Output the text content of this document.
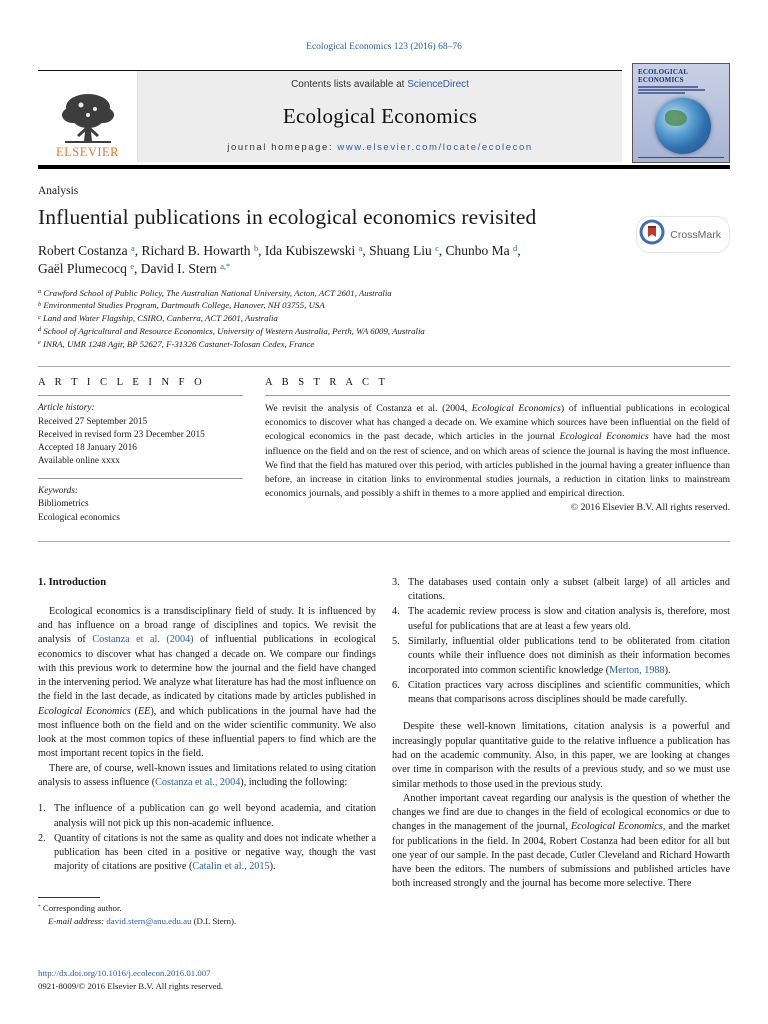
Ecological Economics 123 (2016) 68–76
ELSEVIER
Contents lists available at ScienceDirect
Ecological Economics
journal homepage: www.elsevier.com/locate/ecolecon
ECOLOGICAL ECONOMICS
Analysis
Influential publications in ecological economics revisited
Robert Costanza $^a$, Richard B. Howarth $^b$, Ida Kubiszewski $^a$, Shuang Liu $^c$, Chunbo Ma $^d$,
Gaël Plumecocq $^e$, David I. Stern $^{a,*}$
CrossMark
$^a$ Crawford School of Public Policy, The Australian National University, Acton, ACT 2601, Australia
$^b$ Environmental Studies Program, Dartmouth College, Hanover, NH 03755, USA
$^c$ Land and Water Flagship, CSIRO, Canberra, ACT 2601, Australia
$^d$ School of Agricultural and Resource Economics, University of Western Australia, Perth, WA 6009, Australia
$^e$ INRA, UMR 1248 Agir, BP 52627, F-31326 Castanet-Tolosan Cedex, France
A R T I C L E I N F O
Article history:
Received 27 September 2015
Received in revised form 23 December 2015
Accepted 18 January 2016
Available online xxxx
Keywords:
Bibliometrics
Ecological economics
A B S T R A C T
We revisit the analysis of Costanza et al. (2004, Ecological Economics) of influential publications in ecological economics to discover what has changed a decade on. We examine which sources have been influential on the field of ecological economics in the past decade, which articles in the journal Ecological Economics have had the most influence on the field and on the rest of science, and on which areas of science the journal is having the most influence. We find that the field has matured over this period, with articles published in the journal having a greater influence than before, an increase in citation links to environmental studies journals, a reduction in citation links to mainstream economics journals, and possibly a shift in themes to a more applied and empirical direction.
© 2016 Elsevier B.V. All rights reserved.
1. Introduction
Ecological economics is a transdisciplinary field of study. It is influenced by and has influence on a broad range of disciplines and topics. We revisit the analysis of Costanza et al. (2004) of influential publications in ecological economics to discover what has changed a decade on. We compare our findings with this previous work to determine how the journal and the field have changed in the intervening period. We analyze what literature has had the most influence on the field in the last decade, as indicated by citations made by articles published in Ecological Economics (EE), and which publications in the journal have had the most influence both on the field and on the wider scientific community. We also look at the most common topics of these influential papers to find which are the most important recent topics in the field.
There are, of course, well-known issues and limitations related to using citation analysis to assess influence (Costanza et al., 2004), including the following:
1. The influence of a publication can go well beyond academia, and citation analysis will not pick up this non-academic influence.
2. Quantity of citations is not the same as quality and does not indicate whether a publication has been cited in a positive or negative way, though the vast majority of citations are positive (Catalin et al., 2015).
* Corresponding author.
E-mail address: david.stern@anu.edu.au (D.I. Stern).
3. The databases used contain only a subset (albeit large) of all articles and citations.
4. The academic review process is slow and citation analysis is, therefore, most useful for publications that are at least a few years old.
5. Similarly, influential older publications tend to be obliterated from citation counts while their influence does not diminish as their information becomes incorporated into common scientific knowledge (Merton, 1988).
6. Citation practices vary across disciplines and scientific communities, which means that comparisons across disciplines should be made carefully.
Despite these well-known limitations, citation analysis is a powerful and increasingly popular quantitative guide to the relative influence a publication has had on the academic community. Also, in this paper, we are looking at changes over time in comparison with the results of a previous study, and so we must use similar methods to those used in the previous study.
Another important caveat regarding our analysis is the question of whether the changes we find are due to changes in the field of ecological economics or due to changes in the management of the journal, Ecological Economics, and the market for publications in the field. In 2004, Robert Costanza had been editor for all but one year of our sample. In the past decade, Cutler Cleveland and Richard Howarth have been the editors. The numbers of submissions and published articles have both increased strongly and the journal has become more selective. There
http://dx.doi.org/10.1016/j.ecolecon.2016.01.007
0921-8009/© 2016 Elsevier B.V. All rights reserved.
